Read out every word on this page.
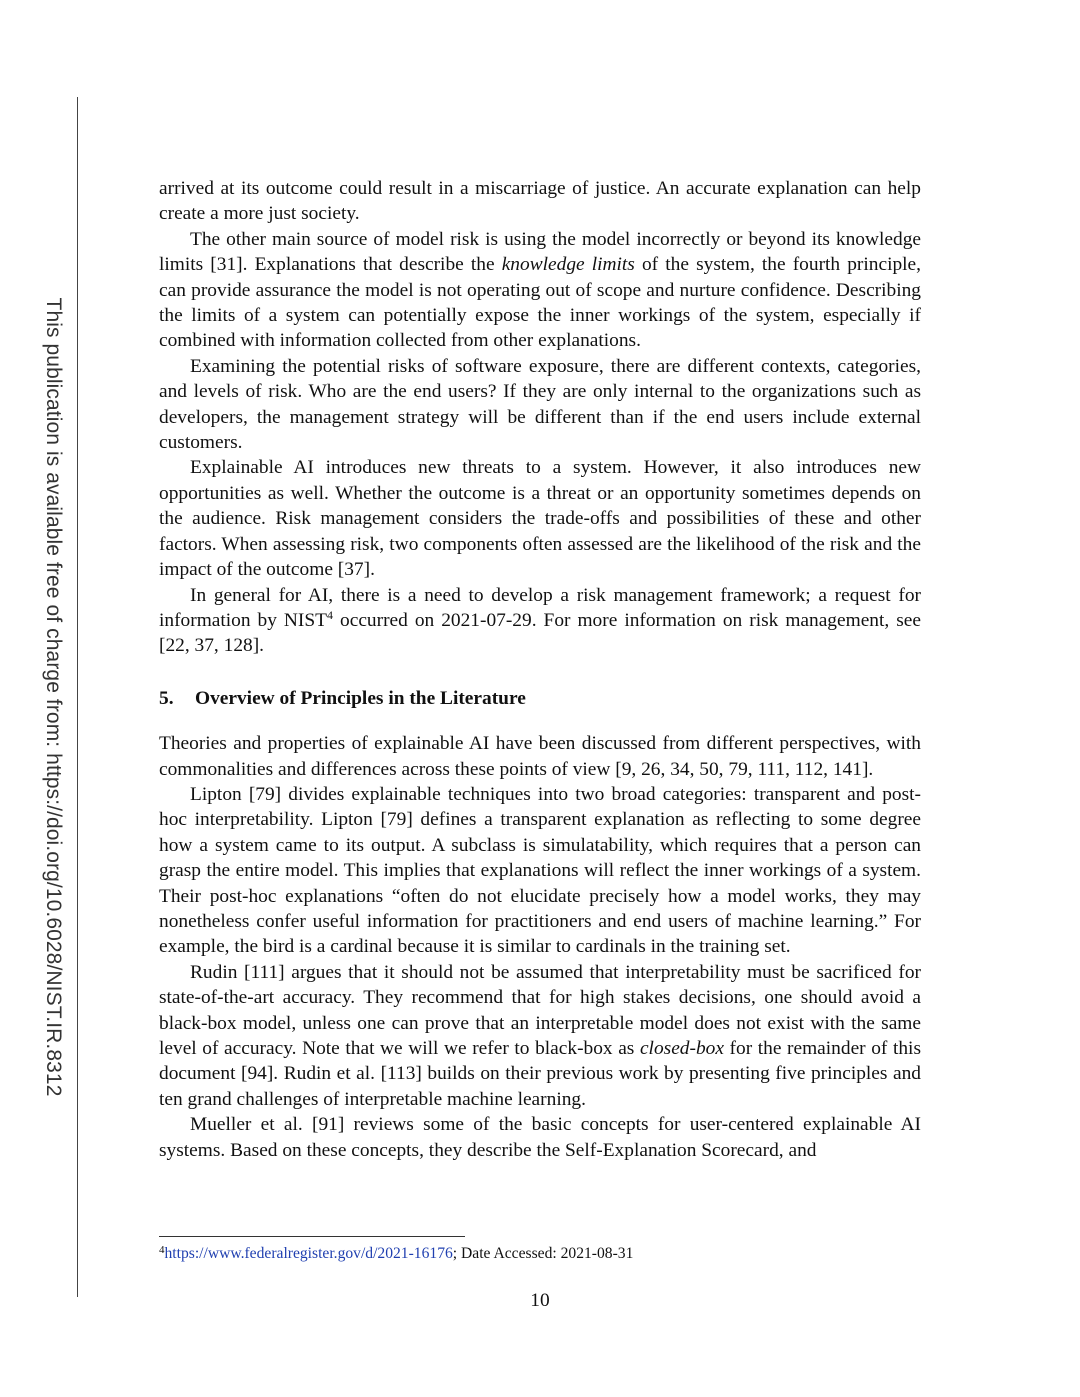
This publication is available free of charge from: https://doi.org/10.6028/NIST.IR.8312

arrived at its outcome could result in a miscarriage of justice. An accurate explanation can help create a more just society.

The other main source of model risk is using the model incorrectly or beyond its knowledge limits [31]. Explanations that describe the knowledge limits of the system, the fourth principle, can provide assurance the model is not operating out of scope and nurture confidence. Describing the limits of a system can potentially expose the inner workings of the system, especially if combined with information collected from other explanations.

Examining the potential risks of software exposure, there are different contexts, categories, and levels of risk. Who are the end users? If they are only internal to the organizations such as developers, the management strategy will be different than if the end users include external customers.

Explainable AI introduces new threats to a system. However, it also introduces new opportunities as well. Whether the outcome is a threat or an opportunity sometimes depends on the audience. Risk management considers the trade-offs and possibilities of these and other factors. When assessing risk, two components often assessed are the likelihood of the risk and the impact of the outcome [37].

In general for AI, there is a need to develop a risk management framework; a request for information by NIST$^4$ occurred on 2021-07-29. For more information on risk management, see [22, 37, 128].

5. Overview of Principles in the Literature

Theories and properties of explainable AI have been discussed from different perspectives, with commonalities and differences across these points of view [9, 26, 34, 50, 79, 111, 112, 141].

Lipton [79] divides explainable techniques into two broad categories: transparent and post-hoc interpretability. Lipton [79] defines a transparent explanation as reflecting to some degree how a system came to its output. A subclass is simulatability, which requires that a person can grasp the entire model. This implies that explanations will reflect the inner workings of a system. Their post-hoc explanations “often do not elucidate precisely how a model works, they may nonetheless confer useful information for practitioners and end users of machine learning.” For example, the bird is a cardinal because it is similar to cardinals in the training set.

Rudin [111] argues that it should not be assumed that interpretability must be sacrificed for state-of-the-art accuracy. They recommend that for high stakes decisions, one should avoid a black-box model, unless one can prove that an interpretable model does not exist with the same level of accuracy. Note that we will we refer to black-box as closed-box for the remainder of this document [94]. Rudin et al. [113] builds on their previous work by presenting five principles and ten grand challenges of interpretable machine learning.

Mueller et al. [91] reviews some of the basic concepts for user-centered explainable AI systems. Based on these concepts, they describe the Self-Explanation Scorecard, and

$^4$https://www.federalregister.gov/d/2021-16176; Date Accessed: 2021-08-31
10
